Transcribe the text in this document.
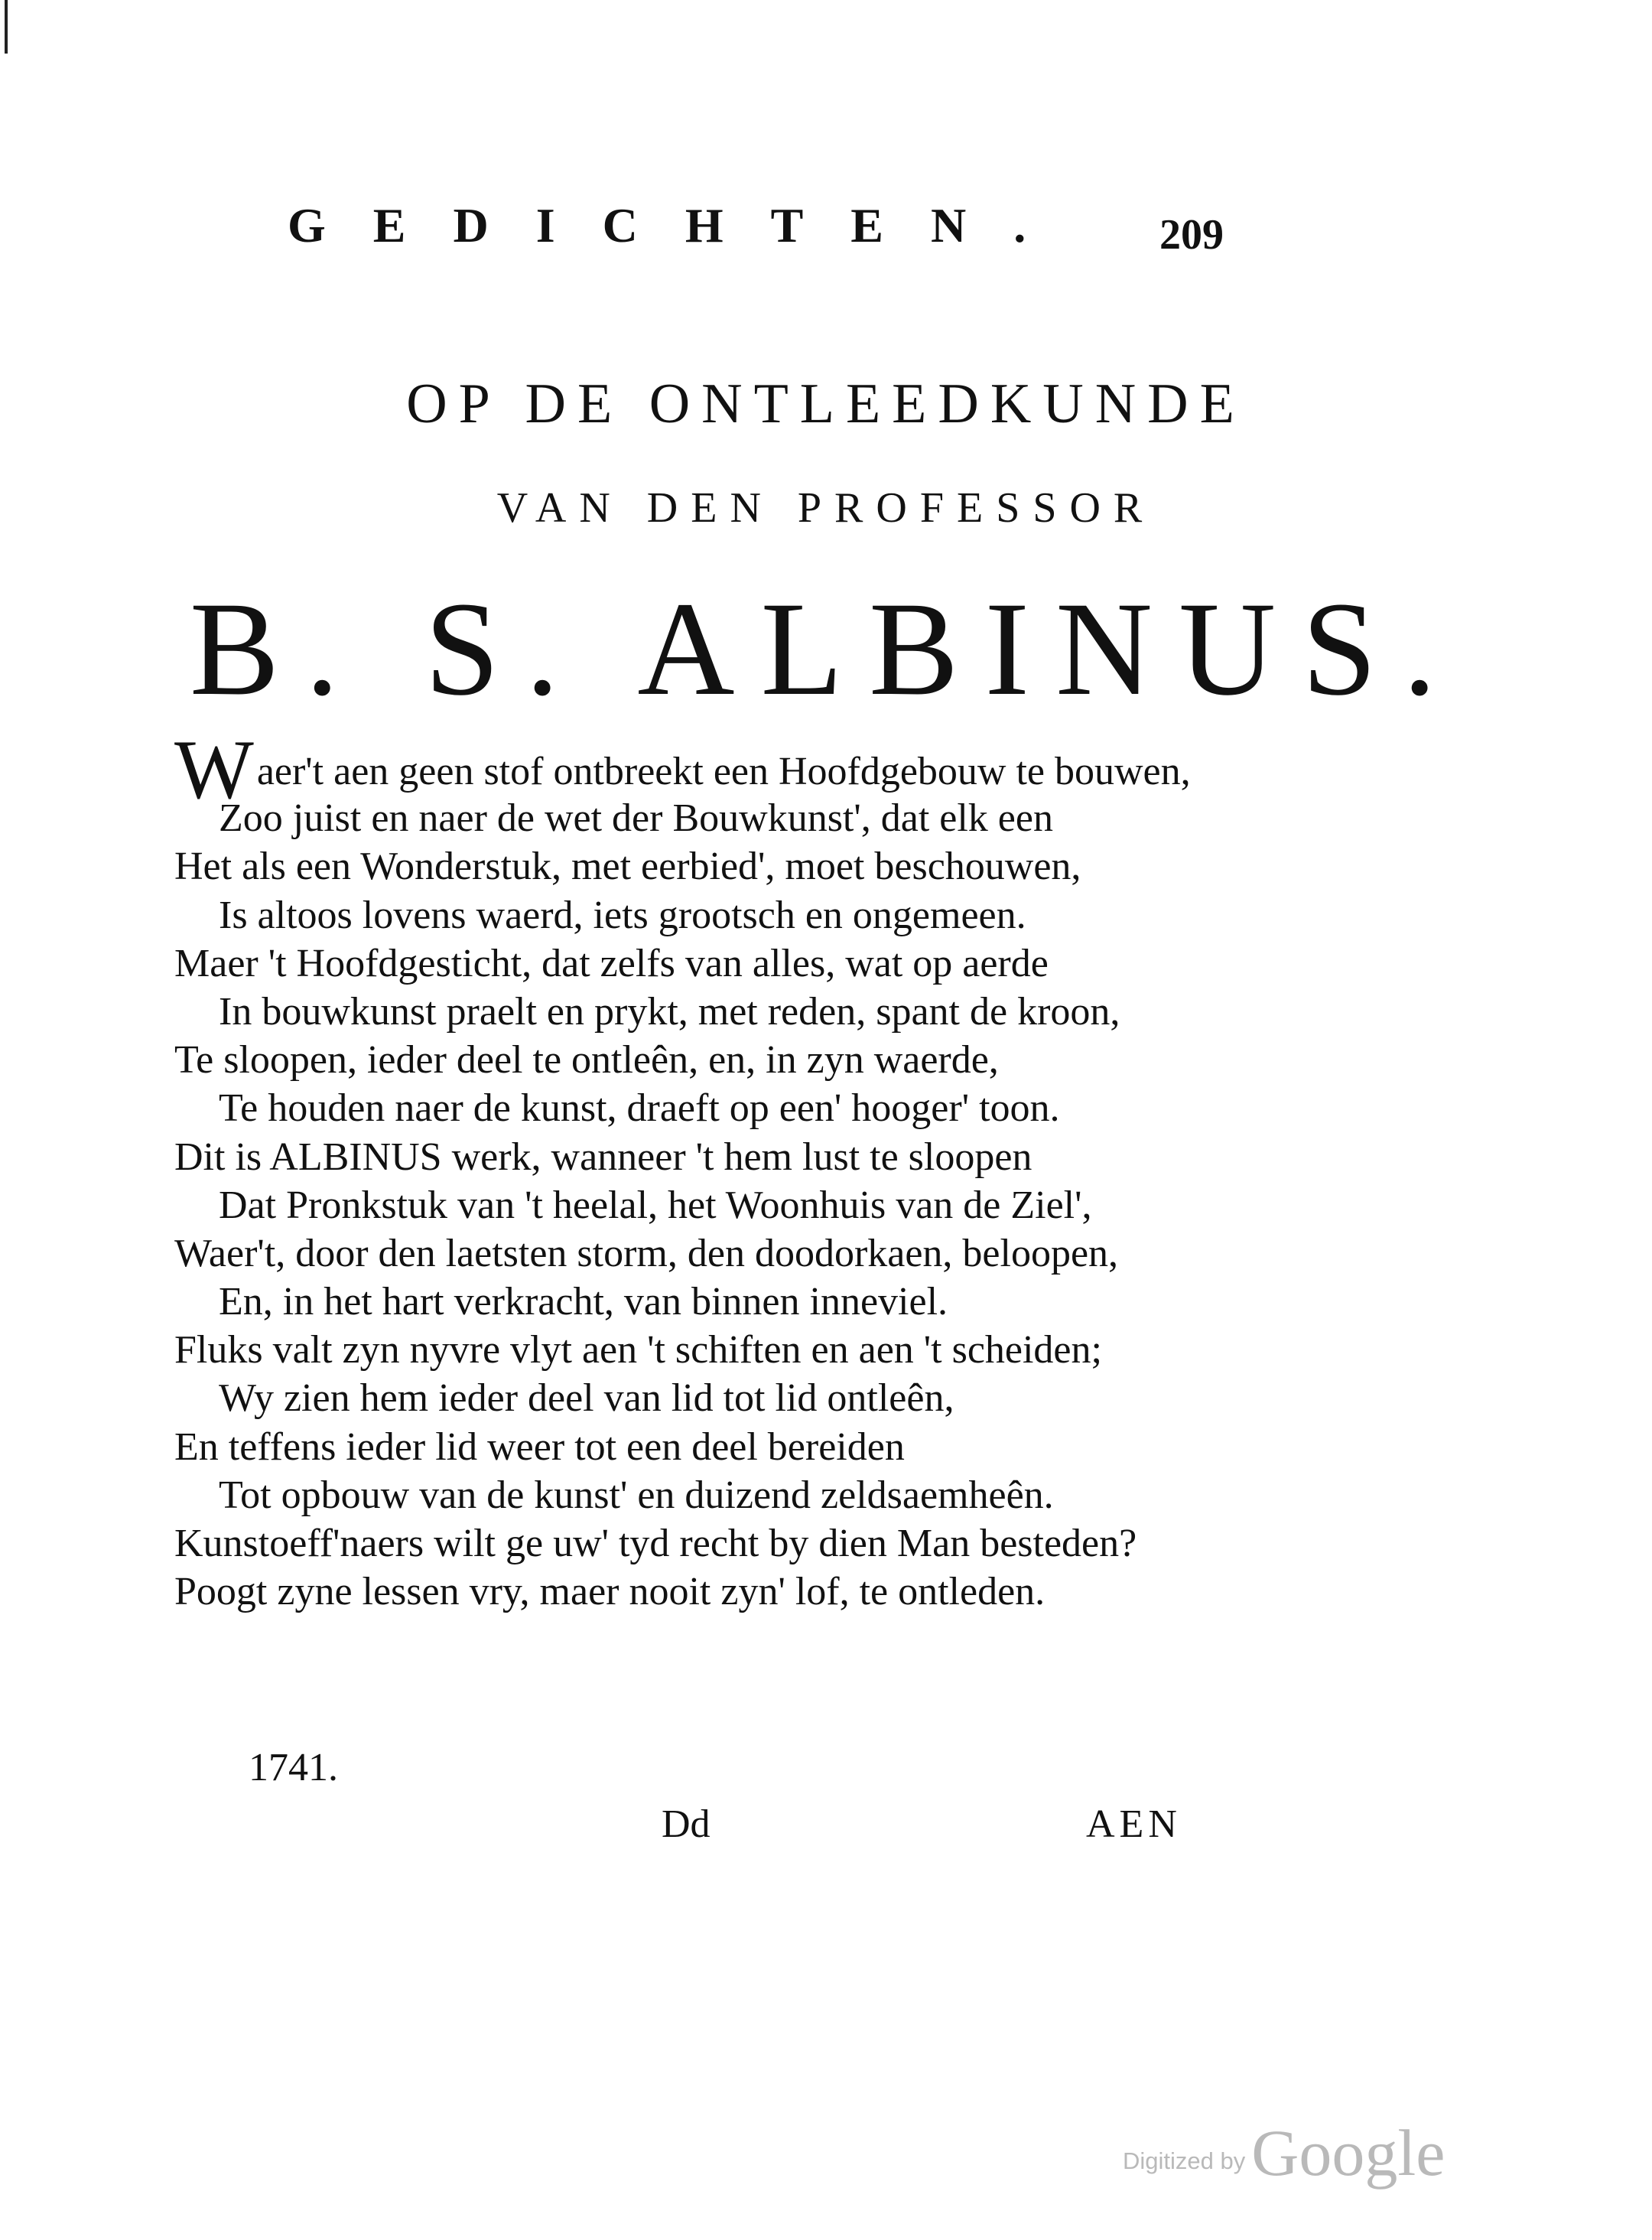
GEDICHTEN.	209
OP DE ONTLEEDKUNDE
VAN DEN PROFESSOR
B. S. ALBINUS.
Waer't aen geen stof ontbreekt een Hoofdgebouw te bouwen,
Zoo juist en naer de wet der Bouwkunst', dat elk een
Het als een Wonderstuk, met eerbied', moet beschouwen,
Is altoos lovens waerd, iets grootsch en ongemeen.
Maer 't Hoofdgesticht, dat zelfs van alles, wat op aerde
In bouwkunst praelt en prykt, met reden, spant de kroon,
Te sloopen, ieder deel te ontleên, en, in zyn waerde,
Te houden naer de kunst, draeft op een' hooger' toon.
Dit is ALBINUS werk, wanneer 't hem lust te sloopen
Dat Pronkstuk van 't heelal, het Woonhuis van de Ziel',
Waer't, door den laetsten storm, den doodorkaen, beloopen,
En, in het hart verkracht, van binnen inneviel.
Fluks valt zyn nyvre vlyt aen 't schiften en aen 't scheiden;
Wy zien hem ieder deel van lid tot lid ontleên,
En teffens ieder lid weer tot een deel bereiden
Tot opbouw van de kunst' en duizend zeldsaemheên.
Kunstoeff'naers wilt ge uw' tyd recht by dien Man besteden?
Poogt zyne lessen vry, maer nooit zyn' lof, te ontleden.
1741.
Dd	AEN
Digitized byGoogle
